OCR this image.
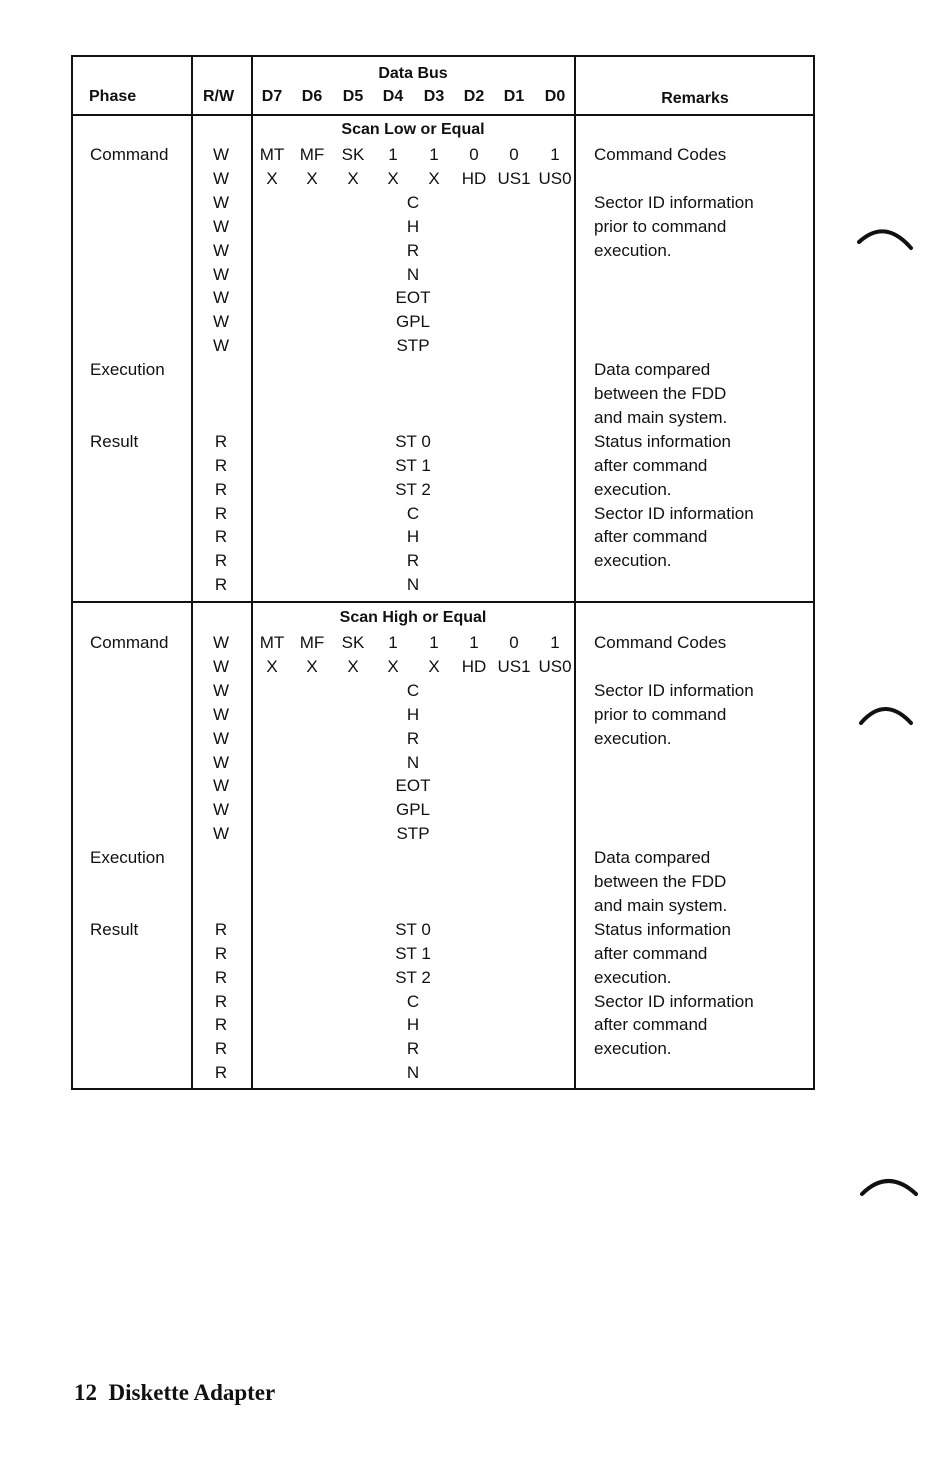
Phase	R/W
Data Bus
D7 D6 D5 D4 D3 D2 D1 D0	Remarks
Scan Low or Equal
Command
Execution
Result
W
W
W
W
W
W
W
W
W
R
R
R
R
R
R
R
MT
X
MF
X
SK
X
1
X
1
X
0
HD
0
US1
1
US0
C
H
R
N
EOT
GPL
STP
ST 0
ST 1
ST 2
C
H
R
N
Command Codes
Sector ID information
prior to command
execution.
Data compared
between the FDD
and main system.
Status information
after command
execution.
Sector ID information
after command
execution.
Scan High or Equal
Command
Execution
Result
W
W
W
W
W
W
W
W
W
R
R
R
R
R
R
R
MT
X
MF
X
SK
X
1
X
1
X
1
HD
0
US1
1
US0
C
H
R
N
EOT
GPL
STP
ST 0
ST 1
ST 2
C
H
R
N
Command Codes
Sector ID information
prior to command
execution.
Data compared
between the FDD
and main system.
Status information
after command
execution.
Sector ID information
after command
execution.
12 Diskette Adapter
